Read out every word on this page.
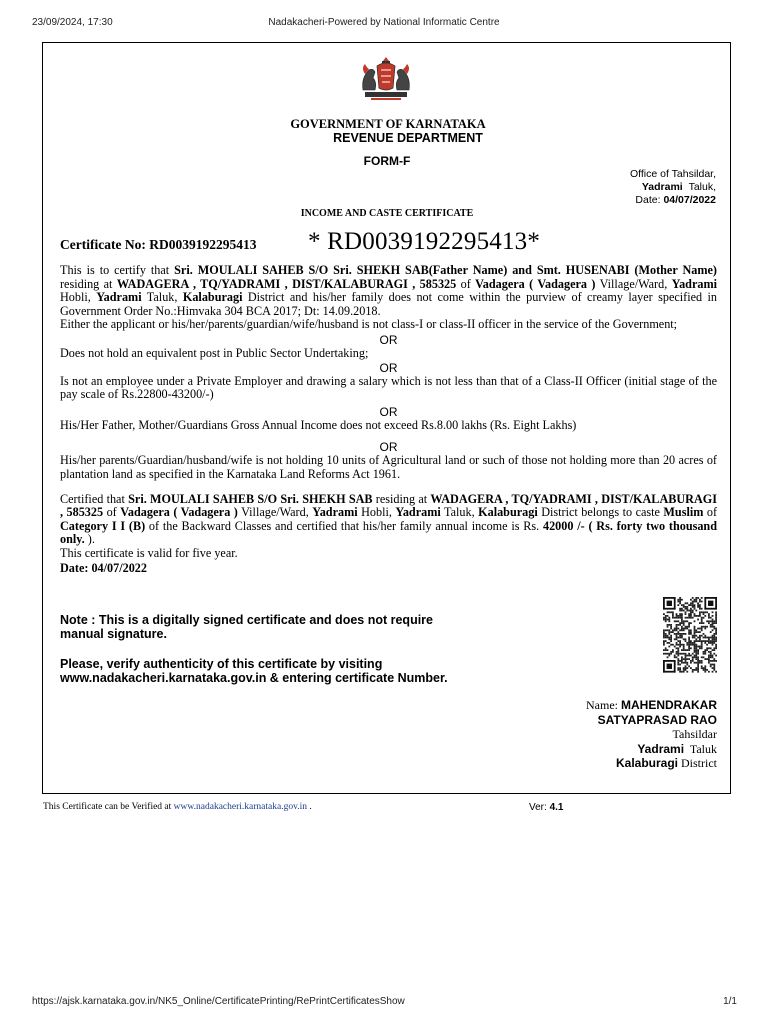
23/09/2024, 17:30	Nadakacheri-Powered by National Informatic Centre
GOVERNMENT OF KARNATAKA
REVENUE DEPARTMENT
FORM-F
Office of Tahsildar,
Yadrami Taluk,
Date: 04/07/2022
INCOME AND CASTE CERTIFICATE
Certificate No: RD0039192295413 * RD0039192295413*
This is to certify that Sri. MOULALI SAHEB S/O Sri. SHEKH SAB(Father Name) and Smt. HUSENABI (Mother Name) residing at WADAGERA , TQ/YADRAMI , DIST/KALABURAGI , 585325 of Vadagera ( Vadagera ) Village/Ward, Yadrami Hobli, Yadrami Taluk, Kalaburagi District and his/her family does not come within the purview of creamy layer specified in Government Order No.:Himvaka 304 BCA 2017; Dt: 14.09.2018.
Either the applicant or his/her/parents/guardian/wife/husband is not class-I or class-II officer in the service of the Government;
OR
Does not hold an equivalent post in Public Sector Undertaking;
OR
Is not an employee under a Private Employer and drawing a salary which is not less than that of a Class-II Officer (initial stage of the pay scale of Rs.22800-43200/-)
OR
His/Her Father, Mother/Guardians Gross Annual Income does not exceed Rs.8.00 lakhs (Rs. Eight Lakhs)
OR
His/her parents/Guardian/husband/wife is not holding 10 units of Agricultural land or such of those not holding more than 20 acres of plantation land as specified in the Karnataka Land Reforms Act 1961.
Certified that Sri. MOULALI SAHEB S/O Sri. SHEKH SAB residing at WADAGERA , TQ/YADRAMI , DIST/KALABURAGI , 585325 of Vadagera ( Vadagera ) Village/Ward, Yadrami Hobli, Yadrami Taluk, Kalaburagi District belongs to caste Muslim of Category I I (B) of the Backward Classes and certified that his/her family annual income is Rs. 42000 /- ( Rs. forty two thousand only. ).
This certificate is valid for five year.
Date: 04/07/2022
Note : This is a digitally signed certificate and does not require manual signature.
Please, verify authenticity of this certificate by visiting www.nadakacheri.karnataka.gov.in & entering certificate Number.
Name: MAHENDRAKAR
SATYAPRASAD RAO
Tahsildar
Yadrami Taluk
Kalaburagi District
This Certificate can be Verified at www.nadakacheri.karnataka.gov.in .	Ver: 4.1
https://ajsk.karnataka.gov.in/NK5_Online/CertificatePrinting/RePrintCertificatesShow	1/1
